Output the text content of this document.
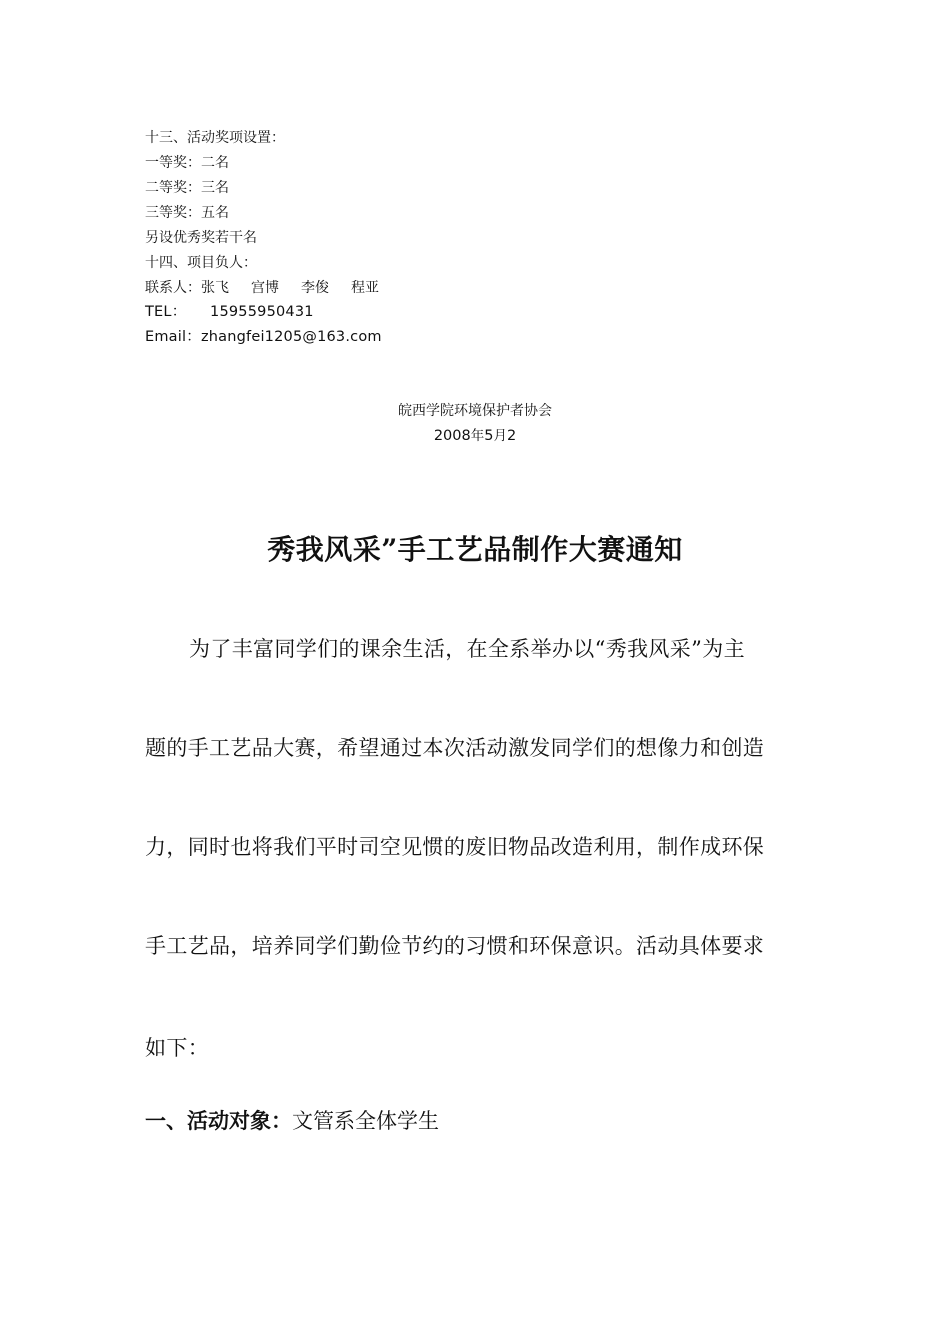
十三、活动奖项设置：
一等奖：二名
二等奖：三名
三等奖：五名
另设优秀奖若干名
十四、项目负人：
联系人：张飞 宫博 李俊 程亚
TEL： 15955950431
Email：zhangfei1205@163.com
皖西学院环境保护者协会
2008年5月2
秀我风采”手工艺品制作大赛通知
为了丰富同学们的课余生活，在全系举办以“秀我风采”为主
题的手工艺品大赛，希望通过本次活动激发同学们的想像力和创造
力，同时也将我们平时司空见惯的废旧物品改造利用，制作成环保
手工艺品，培养同学们勤俭节约的习惯和环保意识。活动具体要求
如下：
一、活动对象：文管系全体学生
